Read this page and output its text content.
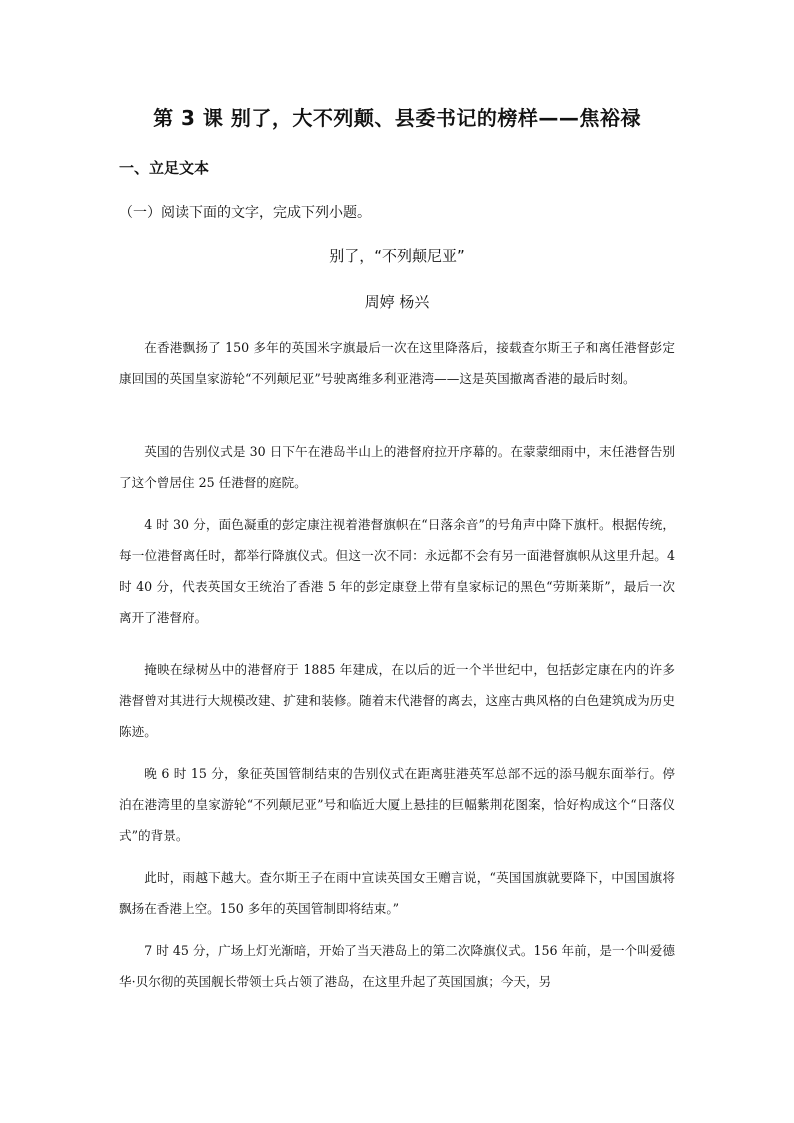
第 3 课 别了，大不列颠、县委书记的榜样——焦裕禄
一、立足文本
（一）阅读下面的文字，完成下列小题。
别了，“不列颠尼亚”
周婷 杨兴

在香港飘扬了 150 多年的英国米字旗最后一次在这里降落后，接载查尔斯王子和离任港督彭定康回国的英国皇家游轮“不列颠尼亚”号驶离维多利亚港湾——这是英国撤离香港的最后时刻。

英国的告别仪式是 30 日下午在港岛半山上的港督府拉开序幕的。在蒙蒙细雨中，末任港督告别了这个曾居住 25 任港督的庭院。

4 时 30 分，面色凝重的彭定康注视着港督旗帜在“日落余音”的号角声中降下旗杆。根据传统，每一位港督离任时，都举行降旗仪式。但这一次不同：永远都不会有另一面港督旗帜从这里升起。4 时 40 分，代表英国女王统治了香港 5 年的彭定康登上带有皇家标记的黑色“劳斯莱斯”，最后一次离开了港督府。

掩映在绿树丛中的港督府于 1885 年建成，在以后的近一个半世纪中，包括彭定康在内的许多港督曾对其进行大规模改建、扩建和装修。随着末代港督的离去，这座古典风格的白色建筑成为历史陈迹。

晚 6 时 15 分，象征英国管制结束的告别仪式在距离驻港英军总部不远的添马舰东面举行。停泊在港湾里的皇家游轮“不列颠尼亚”号和临近大厦上悬挂的巨幅紫荆花图案，恰好构成这个“日落仪式”的背景。

此时，雨越下越大。查尔斯王子在雨中宣读英国女王赠言说，“英国国旗就要降下，中国国旗将飘扬在香港上空。150 多年的英国管制即将结束。”

7 时 45 分，广场上灯光渐暗，开始了当天港岛上的第二次降旗仪式。156 年前，是一个叫爱德华·贝尔彻的英国舰长带领士兵占领了港岛，在这里升起了英国国旗；今天，另
